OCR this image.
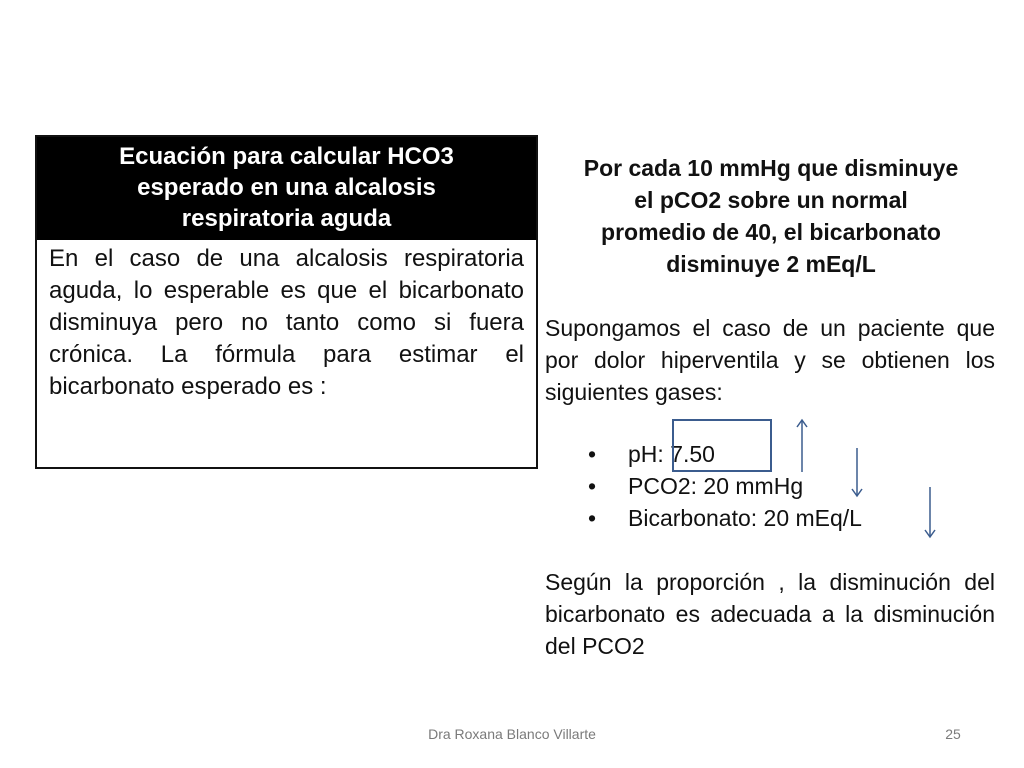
Ecuación para calcular HCO3
esperado en una alcalosis
respiratoria aguda
En el caso de una alcalosis respiratoria aguda, lo esperable es que el bicarbonato disminuya pero no tanto como si fuera crónica. La fórmula para estimar el bicarbonato esperado es :
Por cada 10 mmHg que disminuye
el pCO2 sobre un normal
promedio de 40, el bicarbonato
disminuye 2 mEq/L
Supongamos el caso de un paciente que por dolor hiperventila y se obtienen los siguientes gases:
• pH: 7.50
• PCO2: 20 mmHg
• Bicarbonato: 20 mEq/L
Según la proporción , la disminución del bicarbonato es adecuada a la disminución del PCO2
Dra Roxana Blanco Villarte	25
